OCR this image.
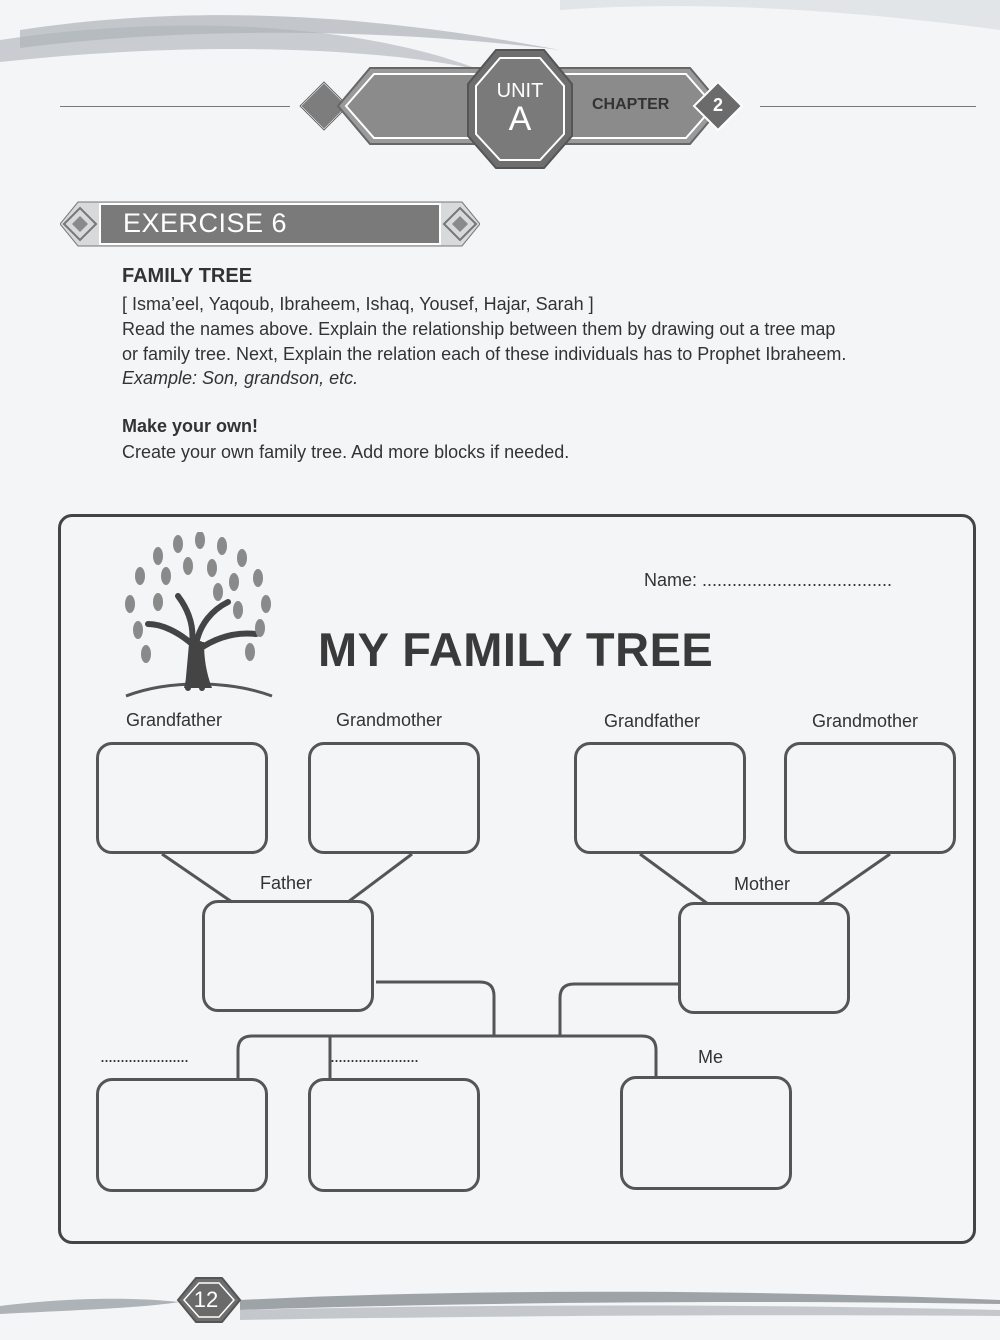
UNIT
A	CHAPTER 2
EXERCISE 6
FAMILY TREE
[ Isma’eel, Yaqoub, Ibraheem, Ishaq, Yousef, Hajar, Sarah ]
Read the names above. Explain the relationship between them by drawing out a tree map
or family tree. Next, Explain the relation each of these individuals has to Prophet Ibraheem.
Example: Son, grandson, etc.
Make your own!
Create your own family tree. Add more blocks if needed.
Name: ......................................
MY FAMILY TREE
Grandfather	Grandmother	Grandfather	Grandmother
Father	Mother
......................	......................	Me
12
